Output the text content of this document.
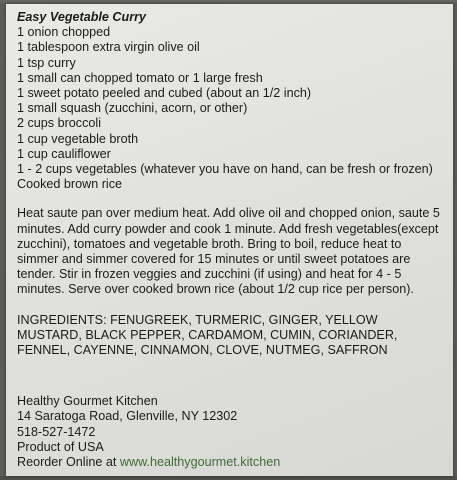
Easy Vegetable Curry

1 onion chopped

1 tablespoon extra virgin olive oil

1 tsp curry

1 small can chopped tomato or 1 large fresh

1 sweet potato peeled and cubed (about an 1/2 inch)

1 small squash (zucchini, acorn, or other)

2 cups broccoli

1 cup vegetable broth

1 cup cauliflower

1 - 2 cups vegetables (whatever you have on hand, can be fresh or frozen)

Cooked brown rice

Heat saute pan over medium heat. Add olive oil and chopped onion, saute 5 minutes. Add curry powder and cook 1 minute. Add fresh vegetables(except zucchini), tomatoes and vegetable broth. Bring to boil, reduce heat to simmer and simmer covered for 15 minutes or until sweet potatoes are tender. Stir in frozen veggies and zucchini (if using) and heat for 4 - 5 minutes. Serve over cooked brown rice (about 1/2 cup rice per person).

INGREDIENTS: FENUGREEK, TURMERIC, GINGER, YELLOW MUSTARD, BLACK PEPPER, CARDAMOM, CUMIN, CORIANDER, FENNEL, CAYENNE, CINNAMON, CLOVE, NUTMEG, SAFFRON

Healthy Gourmet Kitchen

14 Saratoga Road, Glenville, NY 12302

518-527-1472

Product of USA

Reorder Online at www.healthygourmet.kitchen
